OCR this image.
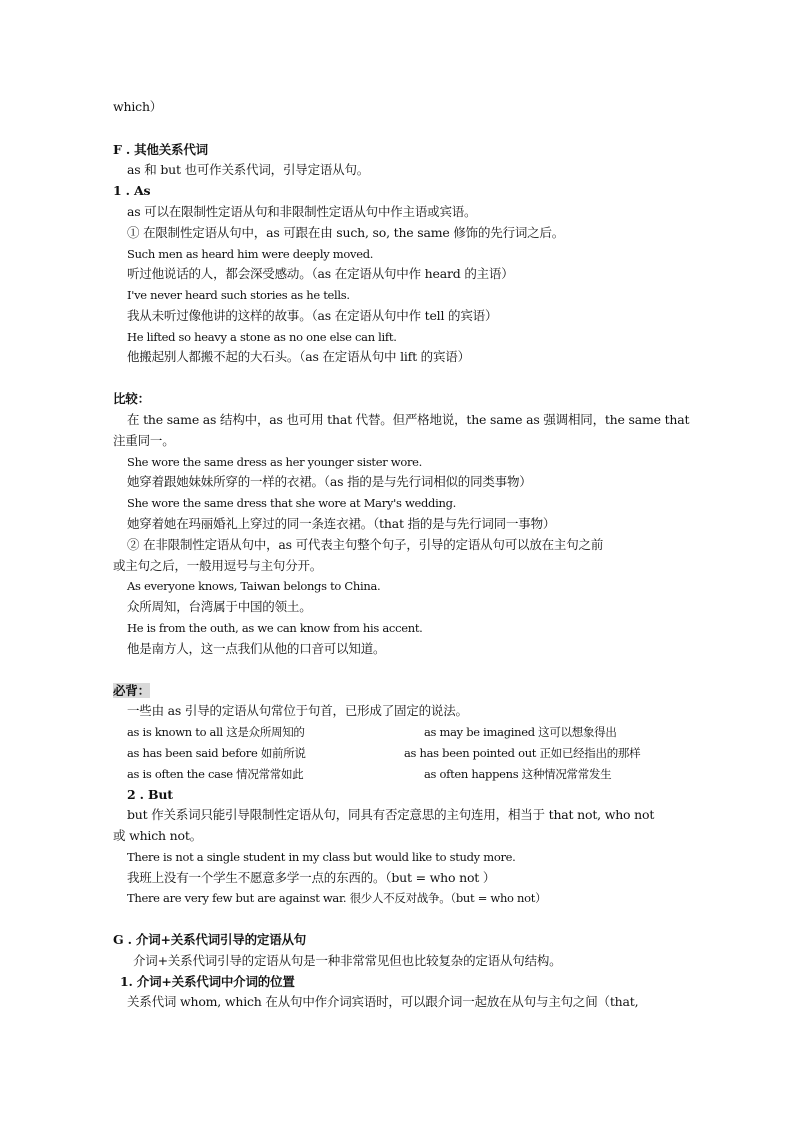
which）
F . 其他关系代词
as 和 but 也可作关系代词，引导定语从句。
1 . As
as 可以在限制性定语从句和非限制性定语从句中作主语或宾语。
① 在限制性定语从句中，as 可跟在由 such, so, the same 修饰的先行词之后。
Such men as heard him were deeply moved.
听过他说话的人，都会深受感动。（as 在定语从句中作 heard 的主语）
I've never heard such stories as he tells.
我从未听过像他讲的这样的故事。（as 在定语从句中作 tell 的宾语）
He lifted so heavy a stone as no one else can lift.
他搬起别人都搬不起的大石头。（as 在定语从句中 lift 的宾语）
比较：
在 the same as 结构中，as 也可用 that 代替。但严格地说，the same as 强调相同，the same that
注重同一。
She wore the same dress as her younger sister wore.
她穿着跟她妹妹所穿的一样的衣裙。（as 指的是与先行词相似的同类事物）
She wore the same dress that she wore at Mary's wedding.
她穿着她在玛丽婚礼上穿过的同一条连衣裙。（that 指的是与先行词同一事物）
② 在非限制性定语从句中，as 可代表主句整个句子，引导的定语从句可以放在主句之前
或主句之后，一般用逗号与主句分开。
As everyone knows, Taiwan belongs to China.
众所周知，台湾属于中国的领土。
He is from the outh, as we can know from his accent.
他是南方人，这一点我们从他的口音可以知道。
必背：
一些由 as 引导的定语从句常位于句首，已形成了固定的说法。
as is known to all 这是众所周知的	as may be imagined 这可以想象得出
as has been said before 如前所说	as has been pointed out 正如已经指出的那样
as is often the case 情况常常如此	as often happens 这种情况常常发生
2 . But
but 作关系词只能引导限制性定语从句，同具有否定意思的主句连用，相当于 that not, who not
或 which not。
There is not a single student in my class but would like to study more.
我班上没有一个学生不愿意多学一点的东西的。（but = who not ）
There are very few but are against war. 很少人不反对战争。（but = who not）
G . 介词+关系代词引导的定语从句
介词+关系代词引导的定语从句是一种非常常见但也比较复杂的定语从句结构。
1. 介词+关系代词中介词的位置
关系代词 whom, which 在从句中作介词宾语时，可以跟介词一起放在从句与主句之间（that,
